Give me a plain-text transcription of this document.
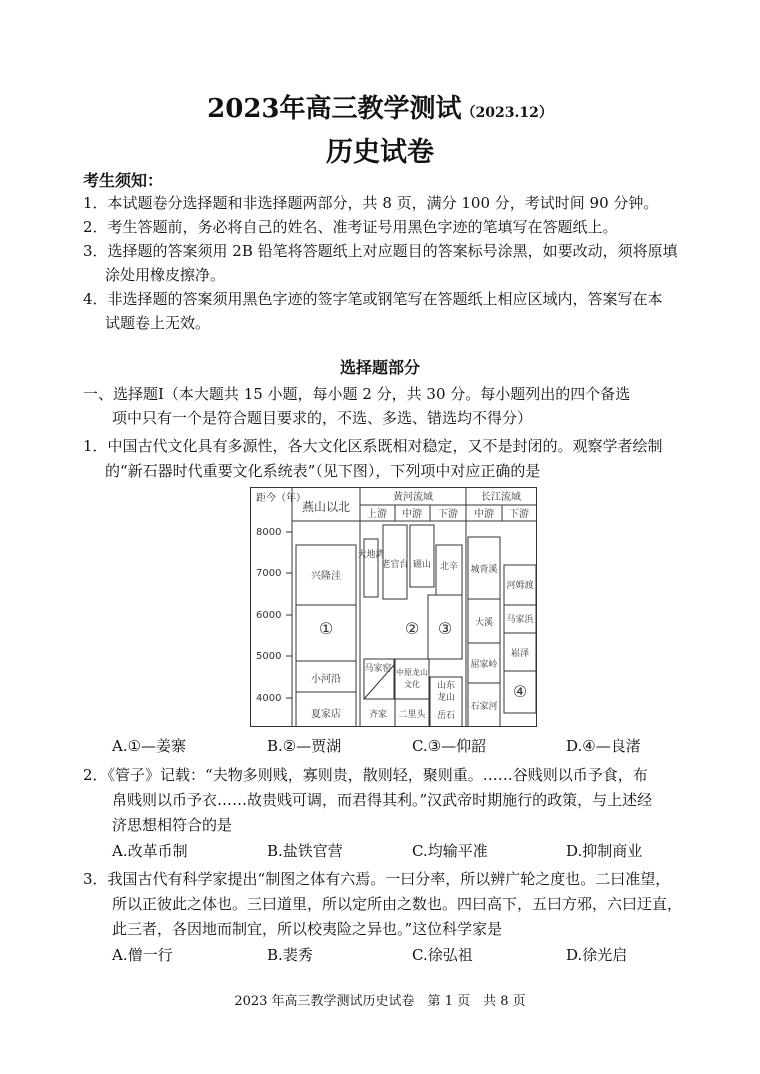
2023年高三教学测试（2023.12）
历史试卷
考生须知：
1．本试题卷分选择题和非选择题两部分，共 8 页，满分 100 分，考试时间 90 分钟。
2．考生答题前，务必将自己的姓名、准考证号用黑色字迹的笔填写在答题纸上。
3．选择题的答案须用 2B 铅笔将答题纸上对应题目的答案标号涂黑，如要改动，须将原填
涂处用橡皮擦净。
4．非选择题的答案须用黑色字迹的签字笔或钢笔写在答题纸上相应区域内，答案写在本
试题卷上无效。
选择题部分
一、选择题Ⅰ（本大题共 15 小题，每小题 2 分，共 30 分。每小题列出的四个备选
项中只有一个是符合题目要求的，不选、多选、错选均不得分）
1．中国古代文化具有多源性，各大文化区系既相对稳定，又不是封闭的。观察学者绘制
的“新石器时代重要文化系统表”（见下图），下列项中对应正确的是
距今（年）
燕山以北
黄河流域	长江流域
上游 中游 下游 中游 下游
8000
7000
6000
5000
4000
兴隆洼
①
小河沿
夏家店
大地湾
马家窑
齐家
老官台
中原龙山
文化
二里头
②
磁山 北辛
③
山东
龙山
岳石
城背溪
大溪
屈家岭
石家河
河姆渡
马家浜
崧泽
④
A.①—姜寨	B.②—贾湖	C.③—仰韶	D.④—良渚
2．《管子》记载：“夫物多则贱，寡则贵，散则轻，聚则重。……谷贱则以币予食，布
帛贱则以币予衣……故贵贱可调，而君得其利。”汉武帝时期施行的政策，与上述经
济思想相符合的是
A.改革币制	B.盐铁官营	C.均输平准	D.抑制商业
3．我国古代有科学家提出“制图之体有六焉。一曰分率，所以辨广轮之度也。二曰准望，
所以正彼此之体也。三曰道里，所以定所由之数也。四曰高下，五曰方邪，六曰迂直，
此三者，各因地而制宜，所以校夷险之异也。”这位科学家是
A.僧一行	B.裴秀	C.徐弘祖	D.徐光启
2023 年高三教学测试历史试卷　第 1 页　共 8 页
